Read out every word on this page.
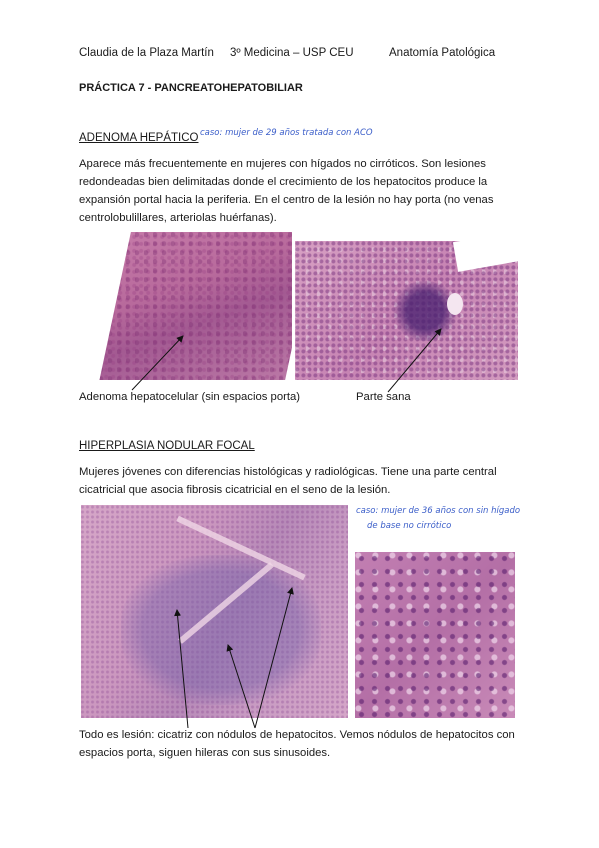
Claudia de la Plaza Martín 3º Medicina – USP CEU	Anatomía Patológica
PRÁCTICA 7 - PANCREATOHEPATOBILIAR
ADENOMA HEPÁTICO caso: mujer de 29 años tratada con ACO
Aparece más frecuentemente en mujeres con hígados no cirróticos. Son lesiones redondeadas bien delimitadas donde el crecimiento de los hepatocitos produce la expansión portal hacia la periferia. En el centro de la lesión no hay porta (no venas centrolobulillares, arteriolas huérfanas).
Adenoma hepatocelular (sin espacios porta)	Parte sana
HIPERPLASIA NODULAR FOCAL
Mujeres jóvenes con diferencias histológicas y radiológicas. Tiene una parte central cicatricial que asocia fibrosis cicatricial en el seno de la lesión.
caso: mujer de 36 años con sin hígado
de base no cirrótico
Todo es lesión: cicatriz con nódulos de hepatocitos. Vemos nódulos de hepatocitos con espacios porta, siguen hileras con sus sinusoides.
